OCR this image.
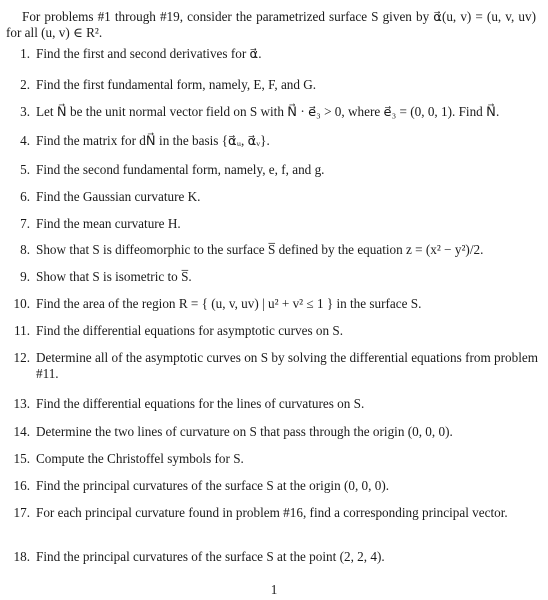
For problems #1 through #19, consider the parametrized surface S given by α⃗(u, v) = (u, v, uv) for all (u, v) ∈ R².
1. Find the first and second derivatives for α⃗.
2. Find the first fundamental form, namely, E, F, and G.
3. Let N⃗ be the unit normal vector field on S with N⃗ · e⃗₃ > 0, where e⃗₃ = (0, 0, 1). Find N⃗.
4. Find the matrix for dN⃗ in the basis {α⃗ᵤ, α⃗ᵥ}.
5. Find the second fundamental form, namely, e, f, and g.
6. Find the Gaussian curvature K.
7. Find the mean curvature H.
8. Show that S is diffeomorphic to the surface S̅ defined by the equation z = (x² − y²)/2.
9. Show that S is isometric to S̅.
10. Find the area of the region R = { (u, v, uv) | u² + v² ≤ 1 } in the surface S.
11. Find the differential equations for asymptotic curves on S.
12. Determine all of the asymptotic curves on S by solving the differential equations from problem #11.
13. Find the differential equations for the lines of curvatures on S.
14. Determine the two lines of curvature on S that pass through the origin (0, 0, 0).
15. Compute the Christoffel symbols for S.
16. Find the principal curvatures of the surface S at the origin (0, 0, 0).
17. For each principal curvature found in problem #16, find a corresponding principal vector.
18. Find the principal curvatures of the surface S at the point (2, 2, 4).
1
